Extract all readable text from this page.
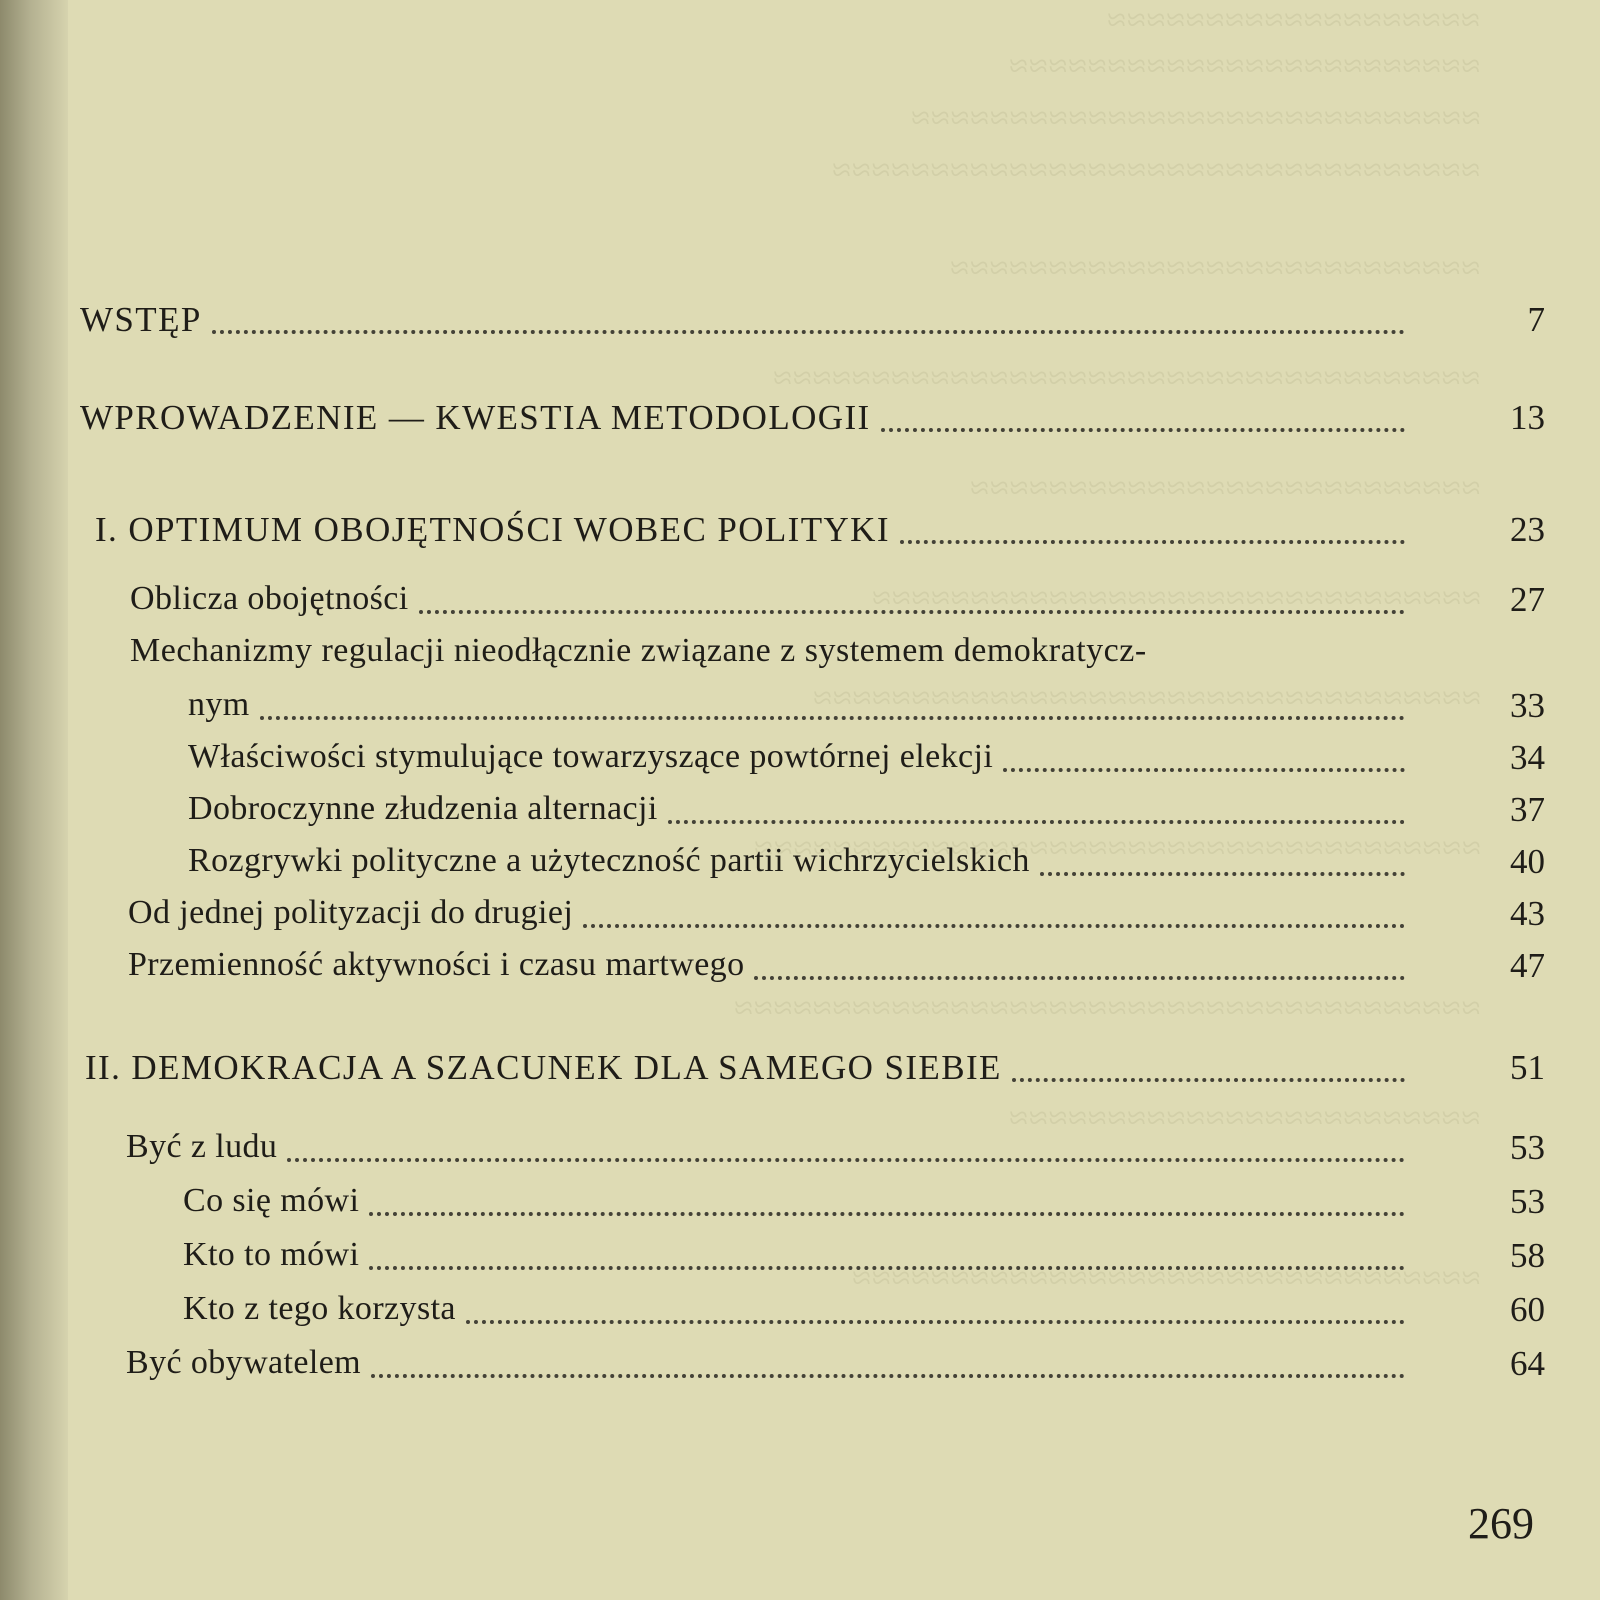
≈≈≈≈≈≈≈≈≈≈≈≈≈≈≈≈≈≈≈
≈≈≈≈≈≈≈≈≈≈≈≈≈≈≈≈≈≈≈≈≈≈≈≈
≈≈≈≈≈≈≈≈≈≈≈≈≈≈≈≈≈≈≈≈≈≈≈≈≈≈≈≈≈
≈≈≈≈≈≈≈≈≈≈≈≈≈≈≈≈≈≈≈≈≈≈≈≈≈≈≈≈≈≈≈≈≈
≈≈≈≈≈≈≈≈≈≈≈≈≈≈≈≈≈≈≈≈≈≈≈≈≈≈≈
≈≈≈≈≈≈≈≈≈≈≈≈≈≈≈≈≈≈≈≈≈≈≈≈≈≈≈≈≈≈≈≈≈≈≈≈
≈≈≈≈≈≈≈≈≈≈≈≈≈≈≈≈≈≈≈≈≈≈≈≈≈≈
≈≈≈≈≈≈≈≈≈≈≈≈≈≈≈≈≈≈≈≈≈≈≈≈≈≈≈≈≈≈≈
≈≈≈≈≈≈≈≈≈≈≈≈≈≈≈≈≈≈≈≈≈≈≈≈≈≈≈≈≈≈≈≈≈≈
≈≈≈≈≈≈≈≈≈≈≈≈≈≈≈≈≈≈≈≈≈≈≈≈≈≈≈≈≈≈≈≈≈≈≈≈≈
≈≈≈≈≈≈≈≈≈≈≈≈≈≈≈≈≈≈≈≈≈≈≈≈≈≈≈≈≈≈≈≈≈≈≈≈≈≈
≈≈≈≈≈≈≈≈≈≈≈≈≈≈≈≈≈≈≈≈≈≈≈≈
≈≈≈≈≈≈≈≈≈≈≈≈≈≈≈≈≈≈≈≈≈≈≈≈≈≈≈≈≈≈≈≈
WSTĘP	7
WPROWADZENIE — KWESTIA METODOLOGII	13
I. OPTIMUM OBOJĘTNOŚCI WOBEC POLITYKI	23
Oblicza obojętności	27
Mechanizmy regulacji nieodłącznie związane z systemem demokratycz-
nym	33
Właściwości stymulujące towarzyszące powtórnej elekcji	34
Dobroczynne złudzenia alternacji	37
Rozgrywki polityczne a użyteczność partii wichrzycielskich	40
Od jednej polityzacji do drugiej	43
Przemienność aktywności i czasu martwego	47
II. DEMOKRACJA A SZACUNEK DLA SAMEGO SIEBIE	51
Być z ludu	53
Co się mówi	53
Kto to mówi	58
Kto z tego korzysta	60
Być obywatelem	64
269
